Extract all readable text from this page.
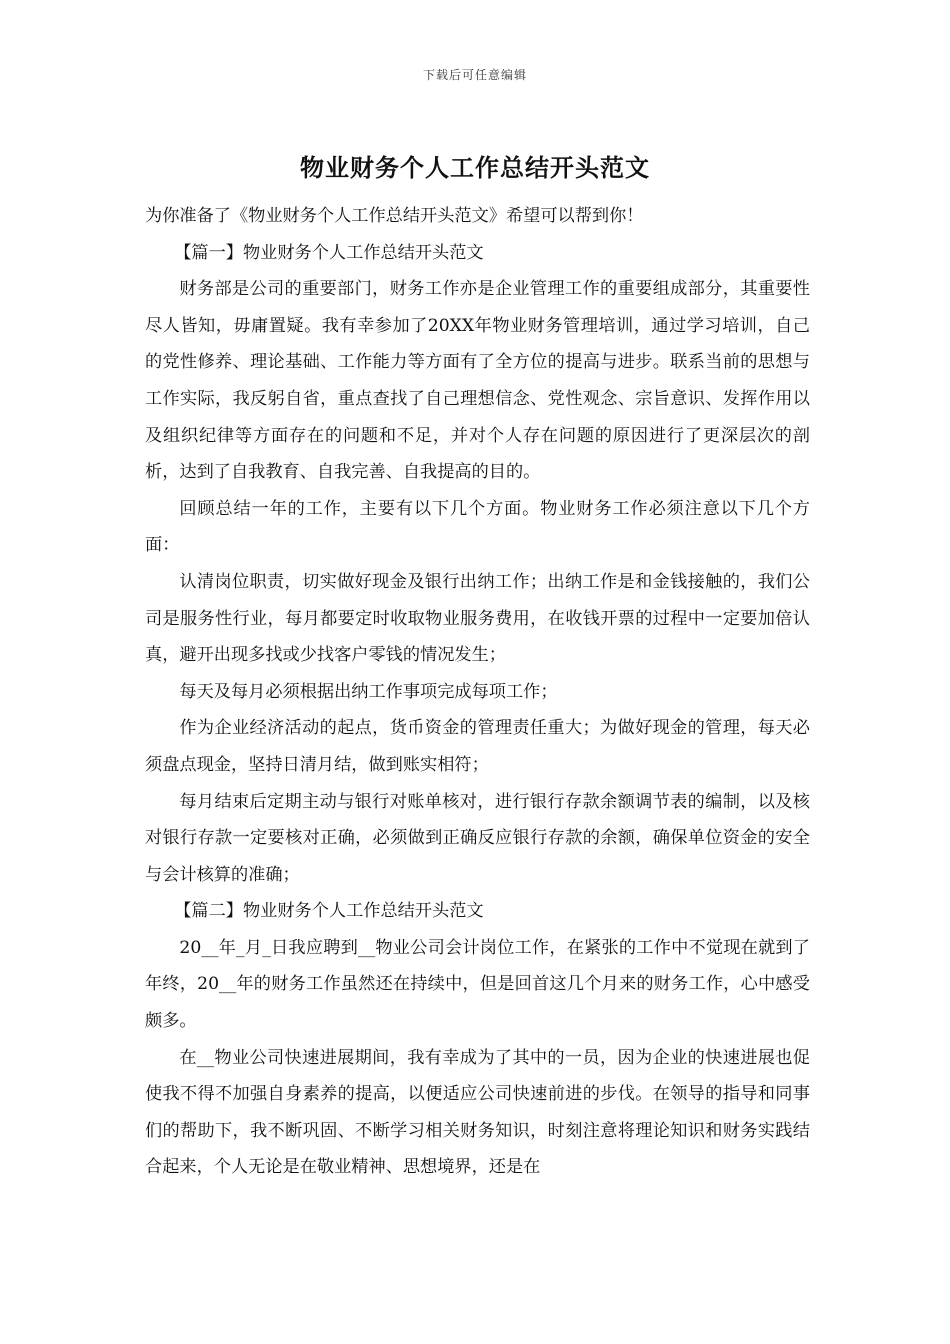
下载后可任意编辑
物业财务个人工作总结开头范文

为你准备了《物业财务个人工作总结开头范文》希望可以帮到你！

【篇一】物业财务个人工作总结开头范文

财务部是公司的重要部门，财务工作亦是企业管理工作的重要组成部分，其重要性尽人皆知，毋庸置疑。我有幸参加了20XX年物业财务管理培训，通过学习培训，自己的党性修养、理论基础、工作能力等方面有了全方位的提高与进步。联系当前的思想与工作实际，我反躬自省，重点查找了自己理想信念、党性观念、宗旨意识、发挥作用以及组织纪律等方面存在的问题和不足，并对个人存在问题的原因进行了更深层次的剖析，达到了自我教育、自我完善、自我提高的目的。

回顾总结一年的工作，主要有以下几个方面。物业财务工作必须注意以下几个方面：

认清岗位职责，切实做好现金及银行出纳工作；出纳工作是和金钱接触的，我们公司是服务性行业，每月都要定时收取物业服务费用，在收钱开票的过程中一定要加倍认真，避开出现多找或少找客户零钱的情况发生；

每天及每月必须根据出纳工作事项完成每项工作；

作为企业经济活动的起点，货币资金的管理责任重大；为做好现金的管理，每天必须盘点现金，坚持日清月结，做到账实相符；

每月结束后定期主动与银行对账单核对，进行银行存款余额调节表的编制，以及核对银行存款一定要核对正确，必须做到正确反应银行存款的余额，确保单位资金的安全与会计核算的准确；

【篇二】物业财务个人工作总结开头范文

20__年_月_日我应聘到__物业公司会计岗位工作，在紧张的工作中不觉现在就到了年终，20__年的财务工作虽然还在持续中，但是回首这几个月来的财务工作，心中感受颇多。

在__物业公司快速进展期间，我有幸成为了其中的一员，因为企业的快速进展也促使我不得不加强自身素养的提高，以便适应公司快速前进的步伐。在领导的指导和同事们的帮助下，我不断巩固、不断学习相关财务知识，时刻注意将理论知识和财务实践结合起来，个人无论是在敬业精神、思想境界，还是在
